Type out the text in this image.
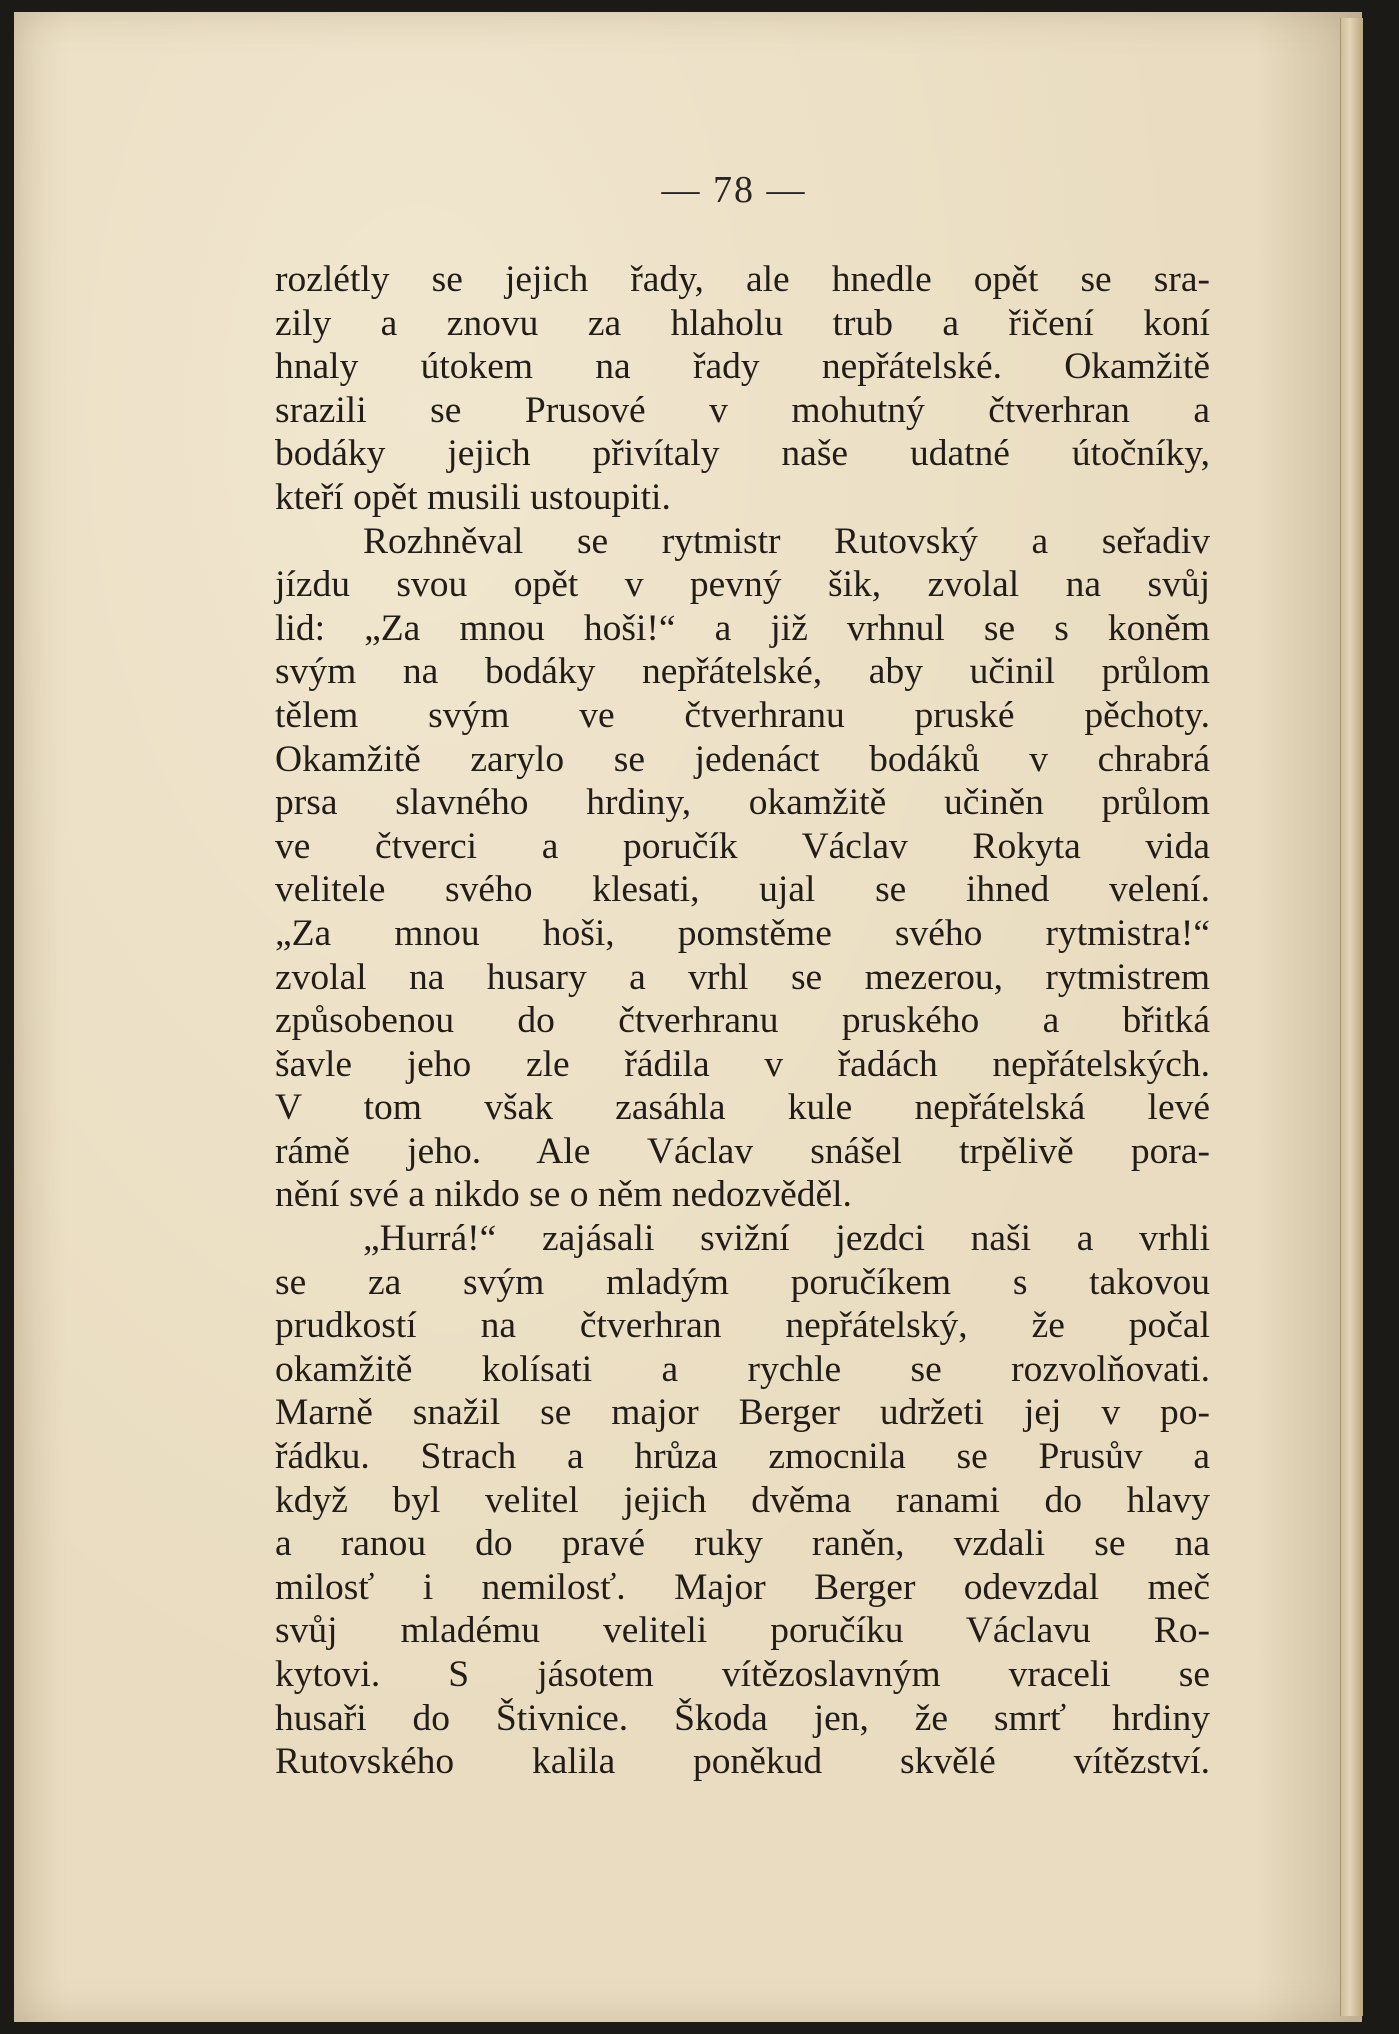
— 78 —
rozlétly se jejich řady, ale hnedle opět se sra-
zily a znovu za hlaholu trub a řičení koní
hnaly útokem na řady nepřátelské. Okamžitě
srazili se Prusové v mohutný čtverhran a
bodáky jejich přivítaly naše udatné útočníky,
kteří opět musili ustoupiti.
Rozhněval se rytmistr Rutovský a seřadiv
jízdu svou opět v pevný šik, zvolal na svůj
lid: „Za mnou hoši!“ a již vrhnul se s koněm
svým na bodáky nepřátelské, aby učinil průlom
tělem svým ve čtverhranu pruské pěchoty.
Okamžitě zarylo se jedenáct bodáků v chrabrá
prsa slavného hrdiny, okamžitě učiněn průlom
ve čtverci a poručík Václav Rokyta vida
velitele svého klesati, ujal se ihned velení.
„Za mnou hoši, pomstěme svého rytmistra!“
zvolal na husary a vrhl se mezerou, rytmistrem
způsobenou do čtverhranu pruského a břitká
šavle jeho zle řádila v řadách nepřátelských.
V tom však zasáhla kule nepřátelská levé
rámě jeho. Ale Václav snášel trpělivě pora-
nění své a nikdo se o něm nedozvěděl.
„Hurrá!“ zajásali svižní jezdci naši a vrhli
se za svým mladým poručíkem s takovou
prudkostí na čtverhran nepřátelský, že počal
okamžitě kolísati a rychle se rozvolňovati.
Marně snažil se major Berger udržeti jej v po-
řádku. Strach a hrůza zmocnila se Prusův a
když byl velitel jejich dvěma ranami do hlavy
a ranou do pravé ruky raněn, vzdali se na
milosť i nemilosť. Major Berger odevzdal meč
svůj mladému veliteli poručíku Václavu Ro-
kytovi. S jásotem vítězoslavným vraceli se
husaři do Štivnice. Škoda jen, že smrť hrdiny
Rutovského kalila poněkud skvělé vítězství.
